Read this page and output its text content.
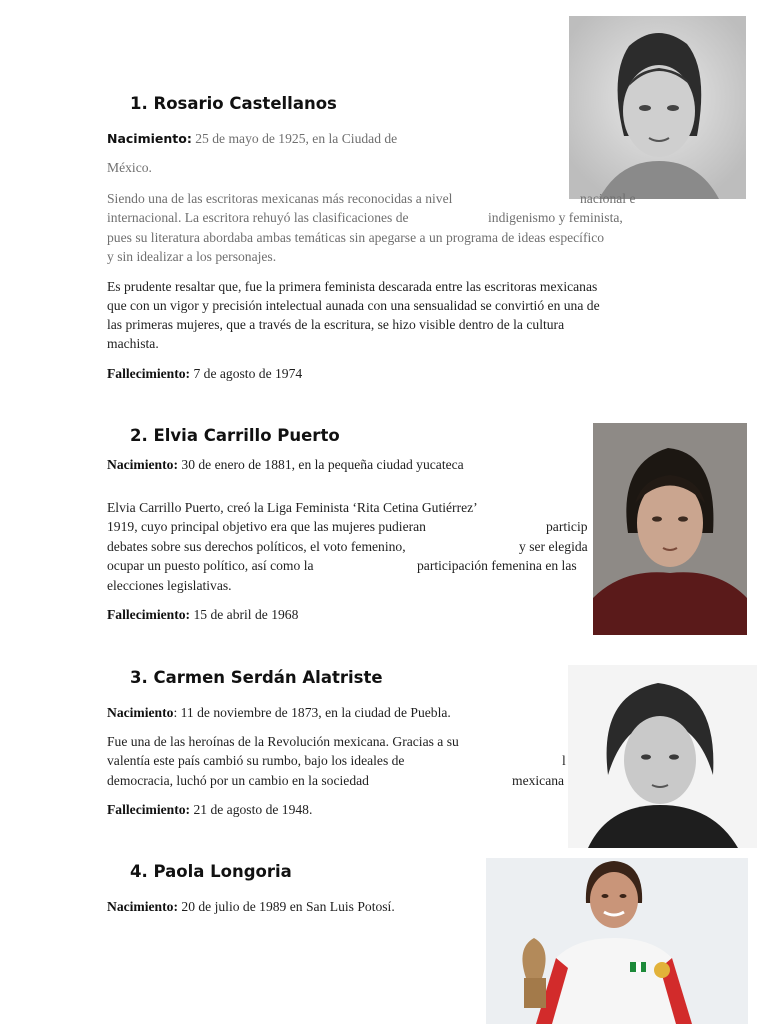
1. Rosario Castellanos
Nacimiento: 25 de mayo de 1925, en la Ciudad de
México.
Siendo una de las escritoras mexicanas más reconocidas a nivel	nacional e
internacional. La escritora rehuyó las clasificaciones de	indigenismo y feminista,
pues su literatura abordaba ambas temáticas sin apegarse a un programa de ideas específico
y sin idealizar a los personajes.
Es prudente resaltar que, fue la primera feminista descarada entre las escritoras mexicanas
que con un vigor y precisión intelectual aunada con una sensualidad se convirtió en una de
las primeras mujeres, que a través de la escritura, se hizo visible dentro de la cultura
machista.
Fallecimiento: 7 de agosto de 1974
2. Elvia Carrillo Puerto
Nacimiento: 30 de enero de 1881, en la pequeña ciudad yucateca
Elvia Carrillo Puerto, creó la Liga Feminista ‘Rita Cetina Gutiérrez’
1919, cuyo principal objetivo era que las mujeres pudieran	particip
debates sobre sus derechos políticos, el voto femenino,	y ser elegida
ocupar un puesto político, así como la	participación femenina en las
elecciones legislativas.
Fallecimiento: 15 de abril de 1968
3. Carmen Serdán Alatriste
Nacimiento: 11 de noviembre de 1873, en la ciudad de Puebla.
Fue una de las heroínas de la Revolución mexicana. Gracias a su
valentía este país cambió su rumbo, bajo los ideales de	l
democracia, luchó por un cambio en la sociedad	mexicana
Fallecimiento: 21 de agosto de 1948.
4. Paola Longoria
Nacimiento: 20 de julio de 1989 en San Luis Potosí.
